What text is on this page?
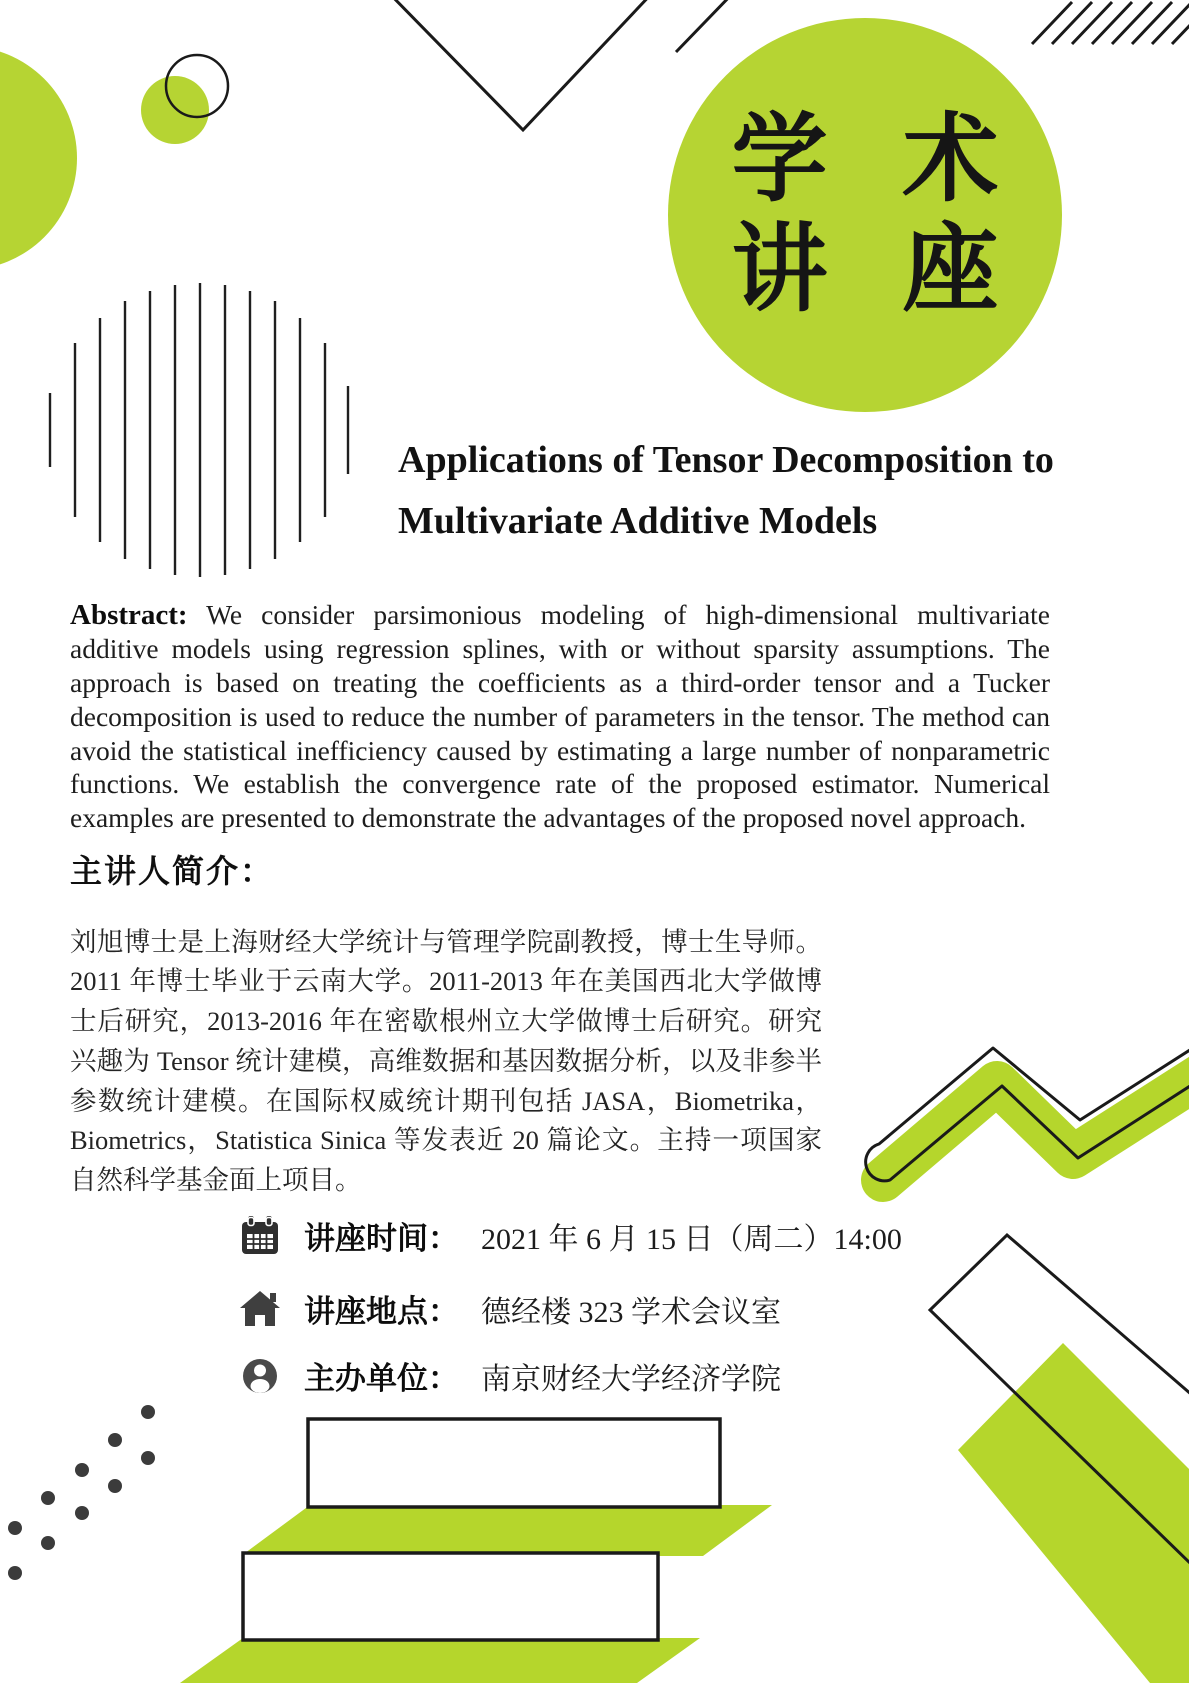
学 术
讲 座
Applications of Tensor Decomposition to
Multivariate Additive Models

Abstract: We consider parsimonious modeling of high-dimensional multivariate additive models using regression splines, with or without sparsity assumptions. The approach is based on treating the coefficients as a third-order tensor and a Tucker decomposition is used to reduce the number of parameters in the tensor. The method can avoid the statistical inefficiency caused by estimating a large number of nonparametric functions. We establish the convergence rate of the proposed estimator. Numerical examples are presented to demonstrate the advantages of the proposed novel approach.

主讲人简介：

刘旭博士是上海财经大学统计与管理学院副教授，博士生导师。2011 年博士毕业于云南大学。2011-2013 年在美国西北大学做博士后研究，2013-2016 年在密歇根州立大学做博士后研究。研究兴趣为 Tensor 统计建模，高维数据和基因数据分析，以及非参半参数统计建模。在国际权威统计期刊包括 JASA，Biometrika，Biometrics，Statistica Sinica 等发表近 20 篇论文。主持一项国家自然科学基金面上项目。

讲座时间： 2021 年 6 月 15 日（周二）14:00
讲座地点： 德经楼 323 学术会议室
主办单位： 南京财经大学经济学院
